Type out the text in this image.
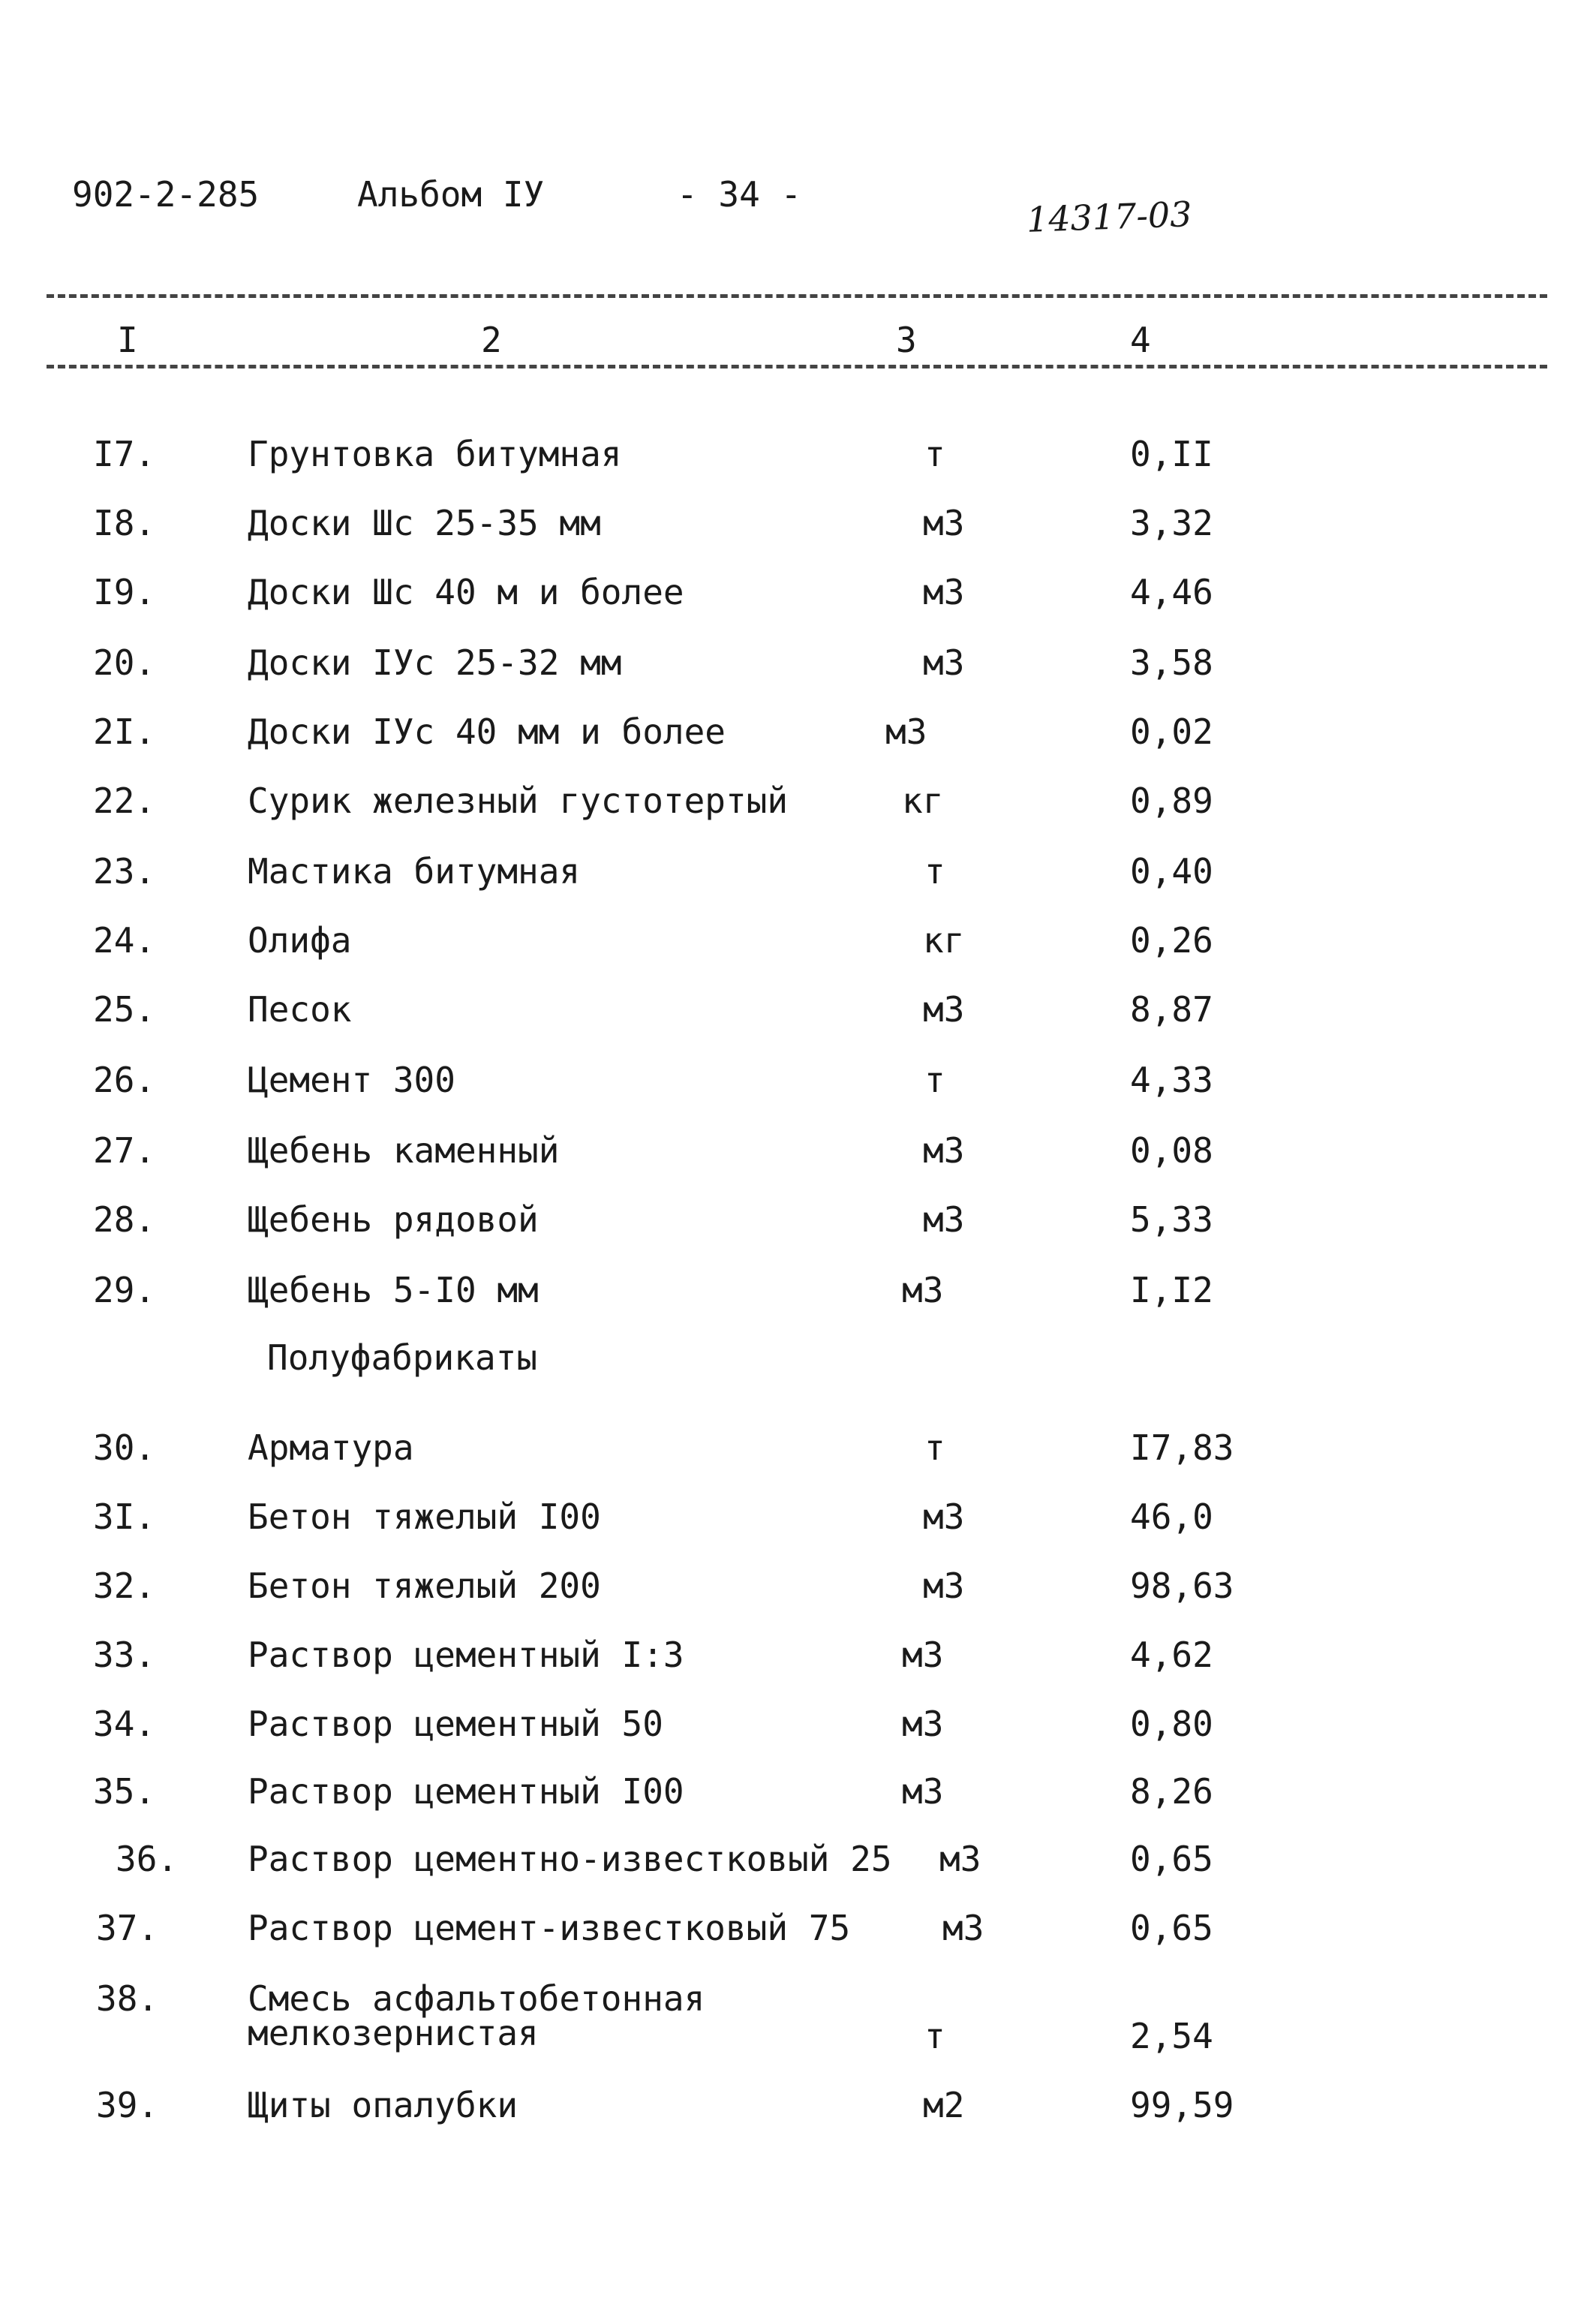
902-2-285	Альбом IУ	- 34 -	14317-03
I	2	3	4
I7.	Грунтовка битумная	т	0,II
I8.	Доски Шс 25-35 мм	м3	3,32
I9.	Доски Шс 40 м и более	м3	4,46
20.	Доски IУс 25-32 мм	м3	3,58
2I.	Доски IУс 40 мм и более	м3	0,02
22.	Сурик железный густотертый	кг	0,89
23.	Мастика битумная	т	0,40
24.	Олифа	кг	0,26
25.	Песок	м3	8,87
26.	Цемент 300	т	4,33
27.	Щебень каменный	м3	0,08
28.	Щебень рядовой	м3	5,33
29.	Щебень 5-I0 мм	м3	I,I2
Полуфабрикаты
30.	Арматура	т	I7,83
3I.	Бетон тяжелый I00	м3	46,0
32.	Бетон тяжелый 200	м3	98,63
33.	Раствор цементный I:3	м3	4,62
34.	Раствор цементный 50	м3	0,80
35.	Раствор цементный I00	м3	8,26
36. Раствор цементно-известковый 25 м3	0,65
37.	Раствор цемент-известковый 75	м3	0,65
38.	Смесь асфальтобетонная
мелкозернистая	т	2,54
39.	Щиты опалубки	м2	99,59
